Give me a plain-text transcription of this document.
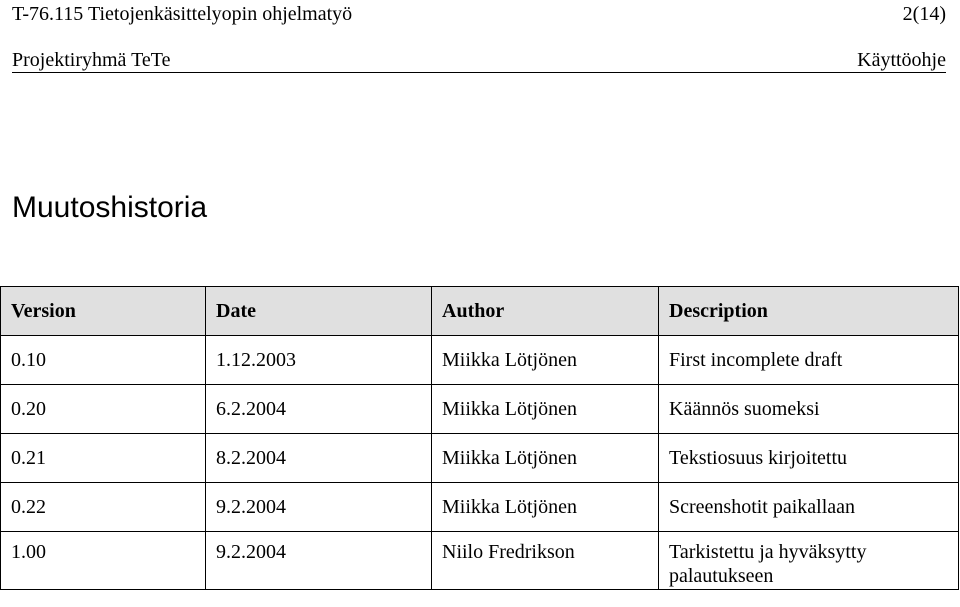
T-76.115 Tietojenkäsittelyopin ohjelmatyö	2(14)
Projektiryhmä TeTe	Käyttöohje
Muutoshistoria
Version	Date	Author	Description
0.10	1.12.2003	Miikka Lötjönen	First incomplete draft
0.20	6.2.2004	Miikka Lötjönen	Käännös suomeksi
0.21	8.2.2004	Miikka Lötjönen	Tekstiosuus kirjoitettu
0.22	9.2.2004	Miikka Lötjönen	Screenshotit paikallaan
1.00	9.2.2004	Niilo Fredrikson	Tarkistettu ja hyväksytty palautukseen
